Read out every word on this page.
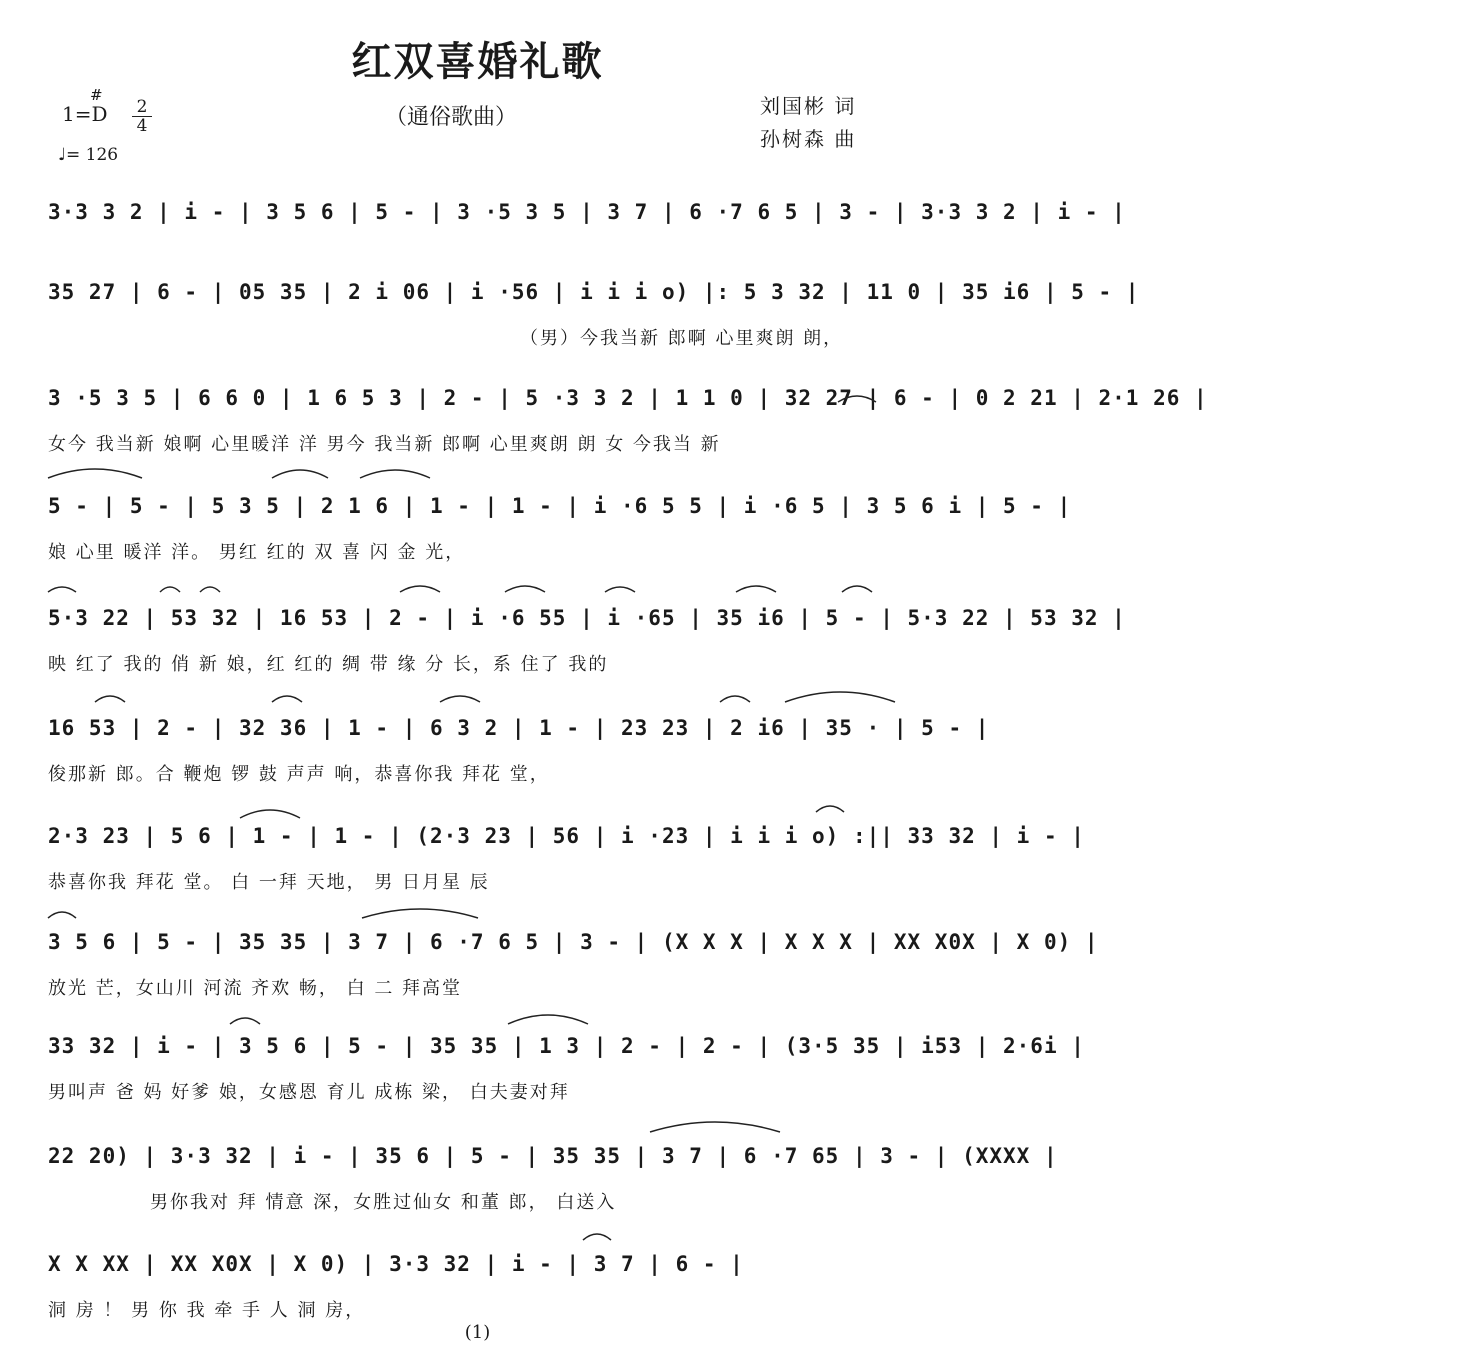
红双喜婚礼歌
#
1=D 2
4
♩= 126
（通俗歌曲）	刘国彬 词
孙树森 曲
3·3 3 2 | i - | 3 5 6 | 5 - | 3 ·5 3 5 | 3 7 | 6 ·7 6 5 | 3 - | 3·3 3 2 | i - |
35 27 | 6 - | 05 35 | 2 i 06 | i ·56 | i i i o) |: 5 3 32 | 11 0 | 35 i6 | 5 - |
（男）今我当新 郎啊 心里爽朗 朗，
3 ·5 3 5 | 6 6 0 | 1 6 5 3 | 2 - | 5 ·3 3 2 | 1 1 0 | 32 27 | 6 - | 0 2 21 | 2·1 26 |
女今 我当新 娘啊 心里暖洋 洋 男今 我当新 郎啊 心里爽朗 朗 女 今我当 新
5 - | 5 - | 5 3 5 | 2 1 6 | 1 - | 1 - | i ·6 5 5 | i ·6 5 | 3 5 6 i | 5 - |
娘 心里 暖洋 洋。 男红 红的 双 喜 闪 金 光，
5·3 22 | 53 32 | 16 53 | 2 - | i ·6 55 | i ·65 | 35 i6 | 5 - | 5·3 22 | 53 32 |
映 红了 我的 俏 新 娘，红 红的 绸 带 缘 分 长，系 住了 我的
16 53 | 2 - | 32 36 | 1 - | 6 3 2 | 1 - | 23 23 | 2 i6 | 35 · | 5 - |
俊那新 郎。合 鞭炮 锣 鼓 声声 响，恭喜你我 拜花 堂，
2·3 23 | 5 6 | 1 - | 1 - | (2·3 23 | 56 | i ·23 | i i i o) :|| 33 32 | i - |
恭喜你我 拜花 堂。 白 一拜 天地， 男 日月星 辰
3 5 6 | 5 - | 35 35 | 3 7 | 6 ·7 6 5 | 3 - | (X X X | X X X | XX X0X | X 0) |
放光 芒，女山川 河流 齐欢 畅， 白 二 拜高堂
33 32 | i - | 3 5 6 | 5 - | 35 35 | 1 3 | 2 - | 2 - | (3·5 35 | i53 | 2·6i |
男叫声 爸 妈 好爹 娘，女感恩 育儿 成栋 梁， 白夫妻对拜
22 20) | 3·3 32 | i - | 35 6 | 5 - | 35 35 | 3 7 | 6 ·7 65 | 3 - | (XXXX |
男你我对 拜 情意 深，女胜过仙女 和董 郎， 白送入
X X XX | XX X0X | X 0) | 3·3 32 | i - | 3 7 | 6 - |
洞 房 ！ 男 你 我 牵 手 人 洞 房，
(1)
